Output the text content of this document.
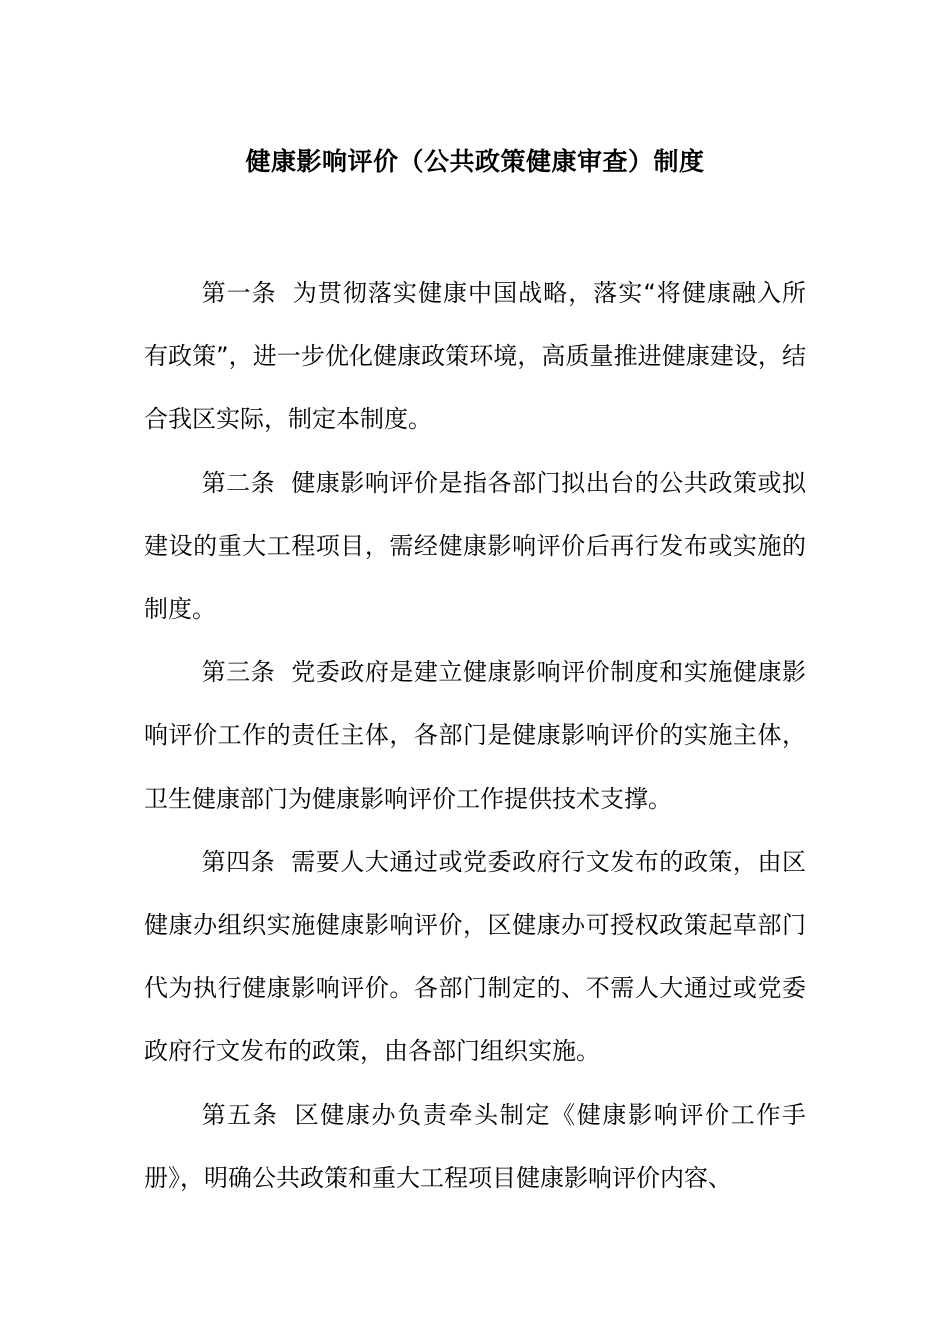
健康影响评价（公共政策健康审查）制度

第一条 为贯彻落实健康中国战略，落实“将健康融入所有政策”，进一步优化健康政策环境，高质量推进健康建设，结合我区实际，制定本制度。

第二条 健康影响评价是指各部门拟出台的公共政策或拟建设的重大工程项目，需经健康影响评价后再行发布或实施的制度。

第三条 党委政府是建立健康影响评价制度和实施健康影响评价工作的责任主体，各部门是健康影响评价的实施主体，卫生健康部门为健康影响评价工作提供技术支撑。

第四条 需要人大通过或党委政府行文发布的政策，由区健康办组织实施健康影响评价，区健康办可授权政策起草部门代为执行健康影响评价。各部门制定的、不需人大通过或党委政府行文发布的政策，由各部门组织实施。

第五条 区健康办负责牵头制定《健康影响评价工作手册》，明确公共政策和重大工程项目健康影响评价内容、
